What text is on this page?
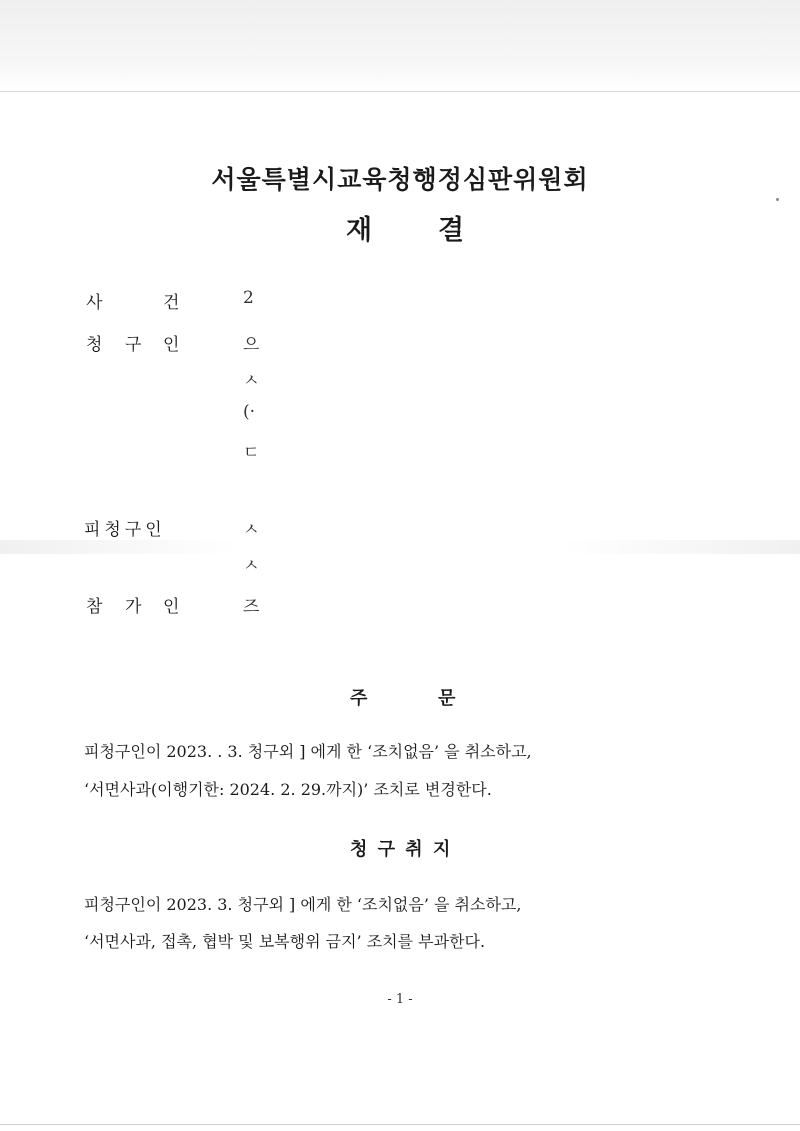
서울특별시교육청행정심판위원회
재 결
사	건	2
청 구 인	으
ㅅ
(·
ㄷ
피청구인	ㅅ
ㅅ
참 가 인	즈
주	문
피청구인이 2023. . 3. 청구외 ] 에게 한 ‘조치없음’ 을 취소하고,
‘서면사과(이행기한: 2024. 2. 29.까지)’ 조치로 변경한다.
청 구 취 지
피청구인이 2023. 3. 청구외 ] 에게 한 ‘조치없음’ 을 취소하고,
‘서면사과, 접촉, 협박 및 보복행위 금지’ 조치를 부과한다.
- 1 -
